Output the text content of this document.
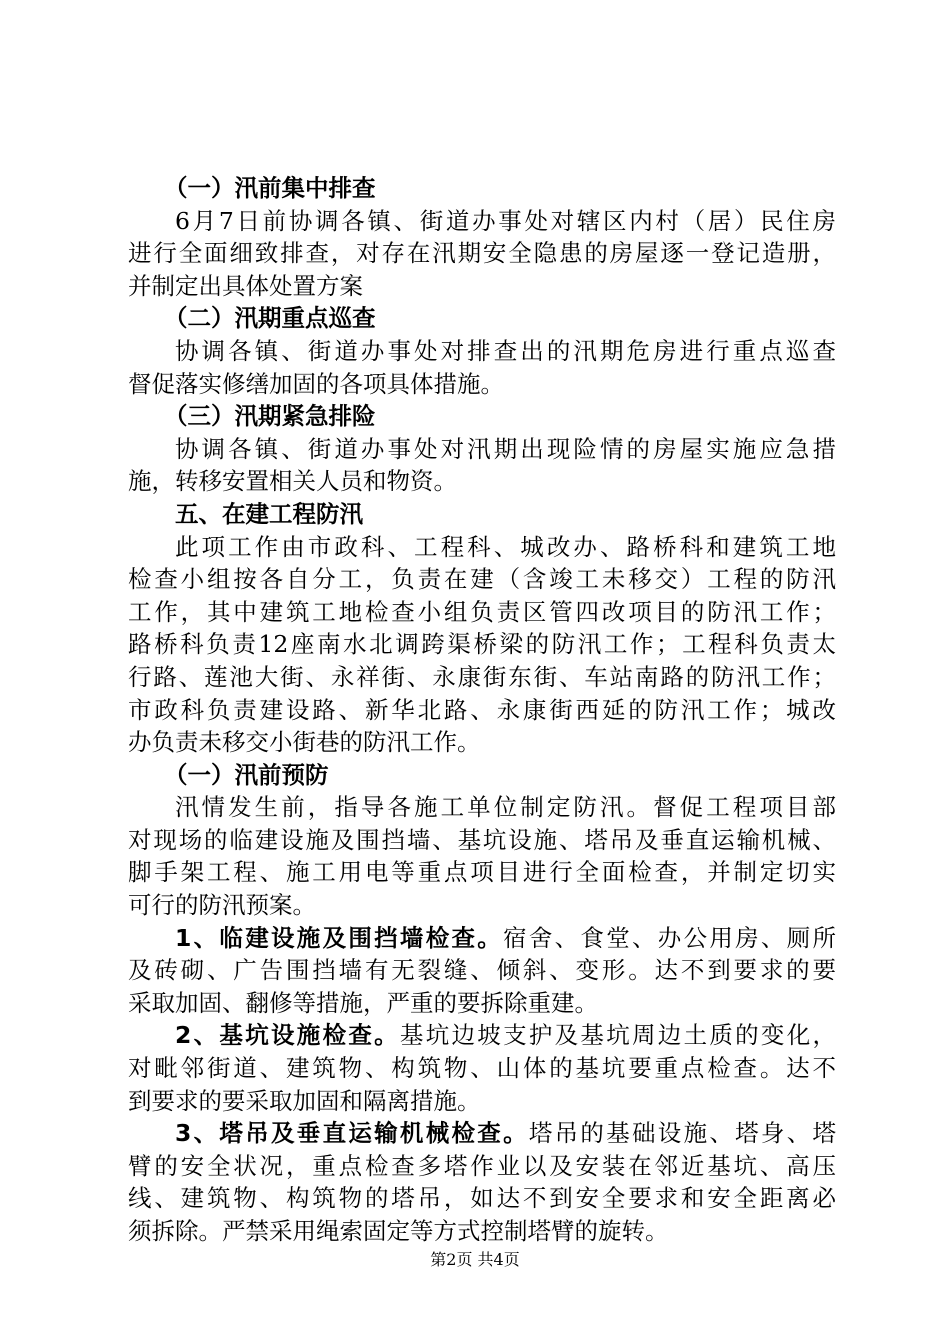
（一）汛前集中排查
6月7日前协调各镇、街道办事处对辖区内村（居）民住房
进行全面细致排查，对存在汛期安全隐患的房屋逐一登记造册，
并制定出具体处置方案
（二）汛期重点巡查
协调各镇、街道办事处对排查出的汛期危房进行重点巡查
督促落实修缮加固的各项具体措施。
（三）汛期紧急排险
协调各镇、街道办事处对汛期出现险情的房屋实施应急措
施，转移安置相关人员和物资。
五、在建工程防汛
此项工作由市政科、工程科、城改办、路桥科和建筑工地
检查小组按各自分工，负责在建（含竣工未移交）工程的防汛
工作，其中建筑工地检查小组负责区管四改项目的防汛工作；
路桥科负责12座南水北调跨渠桥梁的防汛工作；工程科负责太
行路、莲池大街、永祥街、永康街东街、车站南路的防汛工作；
市政科负责建设路、新华北路、永康街西延的防汛工作；城改
办负责未移交小街巷的防汛工作。
（一）汛前预防
汛情发生前，指导各施工单位制定防汛。督促工程项目部
对现场的临建设施及围挡墙、基坑设施、塔吊及垂直运输机械、
脚手架工程、施工用电等重点项目进行全面检查，并制定切实
可行的防汛预案。
1、临建设施及围挡墙检查。宿舍、食堂、办公用房、厕所
及砖砌、广告围挡墙有无裂缝、倾斜、变形。达不到要求的要
采取加固、翻修等措施，严重的要拆除重建。
2、基坑设施检查。基坑边坡支护及基坑周边土质的变化，
对毗邻街道、建筑物、构筑物、山体的基坑要重点检查。达不
到要求的要采取加固和隔离措施。
3、塔吊及垂直运输机械检查。塔吊的基础设施、塔身、塔
臂的安全状况，重点检查多塔作业以及安装在邻近基坑、高压
线、建筑物、构筑物的塔吊，如达不到安全要求和安全距离必
须拆除。严禁采用绳索固定等方式控制塔臂的旋转。
第2页 共4页
